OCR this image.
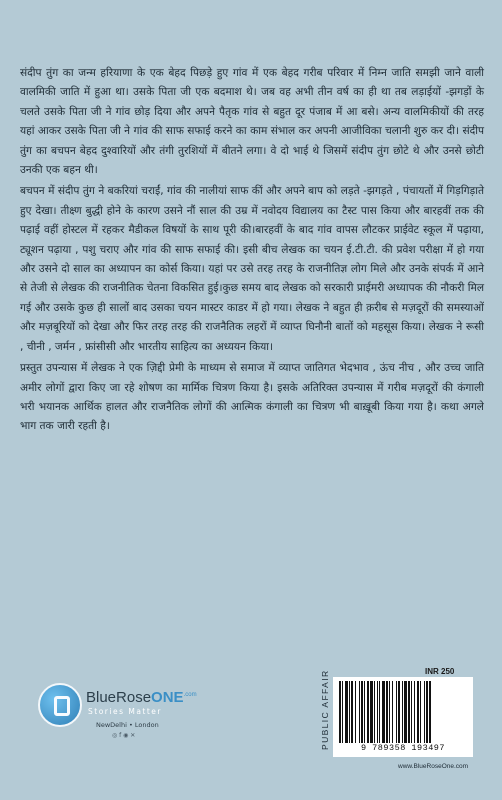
संदीप तुंग का जन्म हरियाणा के एक बेहद पिछड़े हुए गांव में एक बेहद गरीब परिवार में निम्न जाति समझी जाने वाली वालमिकी जाति में हुआ था। उसके पिता जी एक बदमाश थे। जब वह अभी तीन वर्ष का ही था तब लड़ाईयों -झगड़ों के चलते उसके पिता जी ने गांव छोड़ दिया और अपने पैतृक गांव से बहुत दूर पंजाब में आ बसे। अन्य वालमिकीयों की तरह यहां आकर उसके पिता जी ने गांव की साफ सफाई करने का काम संभाल कर अपनी आजीविका चलानी शुरु कर दी। संदीप तुंग का बचपन बेहद दुश्वारियों और तंगी तुरशियों में बीतने लगा। वे दो भाई थे जिसमें संदीप तुंग छोटे थे और उनसे छोटी उनकी एक बहन थी।

बचपन में संदीप तुंग ने बकरियां चराईं, गांव की नालीयां साफ कीं और अपने बाप को लड़ते -झगड़ते , पंचायतों में गिड़गिड़ाते हुए देखा। तीक्ष्ण बुद्धी होने के कारण उसने नौं साल की उम्र में नवोदय विद्यालय का टैस्ट पास किया और बारहवीं तक की पढ़ाई वहीं होस्टल में रहकर मैडीकल विषयों के साथ पूरी की।बारहवीं के बाद गांव वापस लौटकर प्राईवेट स्कूल में पढ़ाया, ट्यूशन पढ़ाया , पशु चराए और गांव की साफ सफाई की। इसी बीच लेखक का चयन ई.टी.टी. की प्रवेश परीक्षा में हो गया और उसने दो साल का अध्यापन का कोर्स किया। यहां पर उसे तरह तरह के राजनीतिज्ञ लोग मिले और उनके संपर्क में आने से तेजी से लेखक की राजनीतिक चेतना विकसित हुई।कुछ समय बाद लेखक को सरकारी प्राईमरी अध्यापक की नौकरी मिल गई और उसके कुछ ही सालों बाद उसका चयन मास्टर काडर में हो गया। लेखक ने बहुत ही क़रीब से मज़दूरों की समस्याओं और मज़बूरियों को देखा और फिर तरह तरह की राजनैतिक लहरों में व्याप्त घिनौनी बातों को महसूस किया। लेखक ने रूसी , चीनी , जर्मन , फ्रांसीसी और भारतीय साहित्य का अध्ययन किया।

प्रस्तुत उपन्यास में लेखक ने एक ज़िद्दी प्रेमी के माध्यम से समाज में व्याप्त जातिगत भेदभाव , ऊंच नीच , और उच्च जाति अमीर लोगों द्वारा किए जा रहे शोषण का मार्मिक चित्रण किया है। इसके अतिरिक्त उपन्यास में गरीब मज़दूरों की कंगाली भरी भयानक आर्थिक हालत और राजनैतिक लोगों की आत्मिक कंगाली का चित्रण भी बाख़ूबी किया गया है। कथा अगले भाग तक जारी रहती है।

BlueRoseONE$^{.com}$
Stories Matter
NewDelhi • London
◎ f ◉ ✕	PUBLIC AFFAIR	INR 250
9 789358 193497
www.BlueRoseOne.com
